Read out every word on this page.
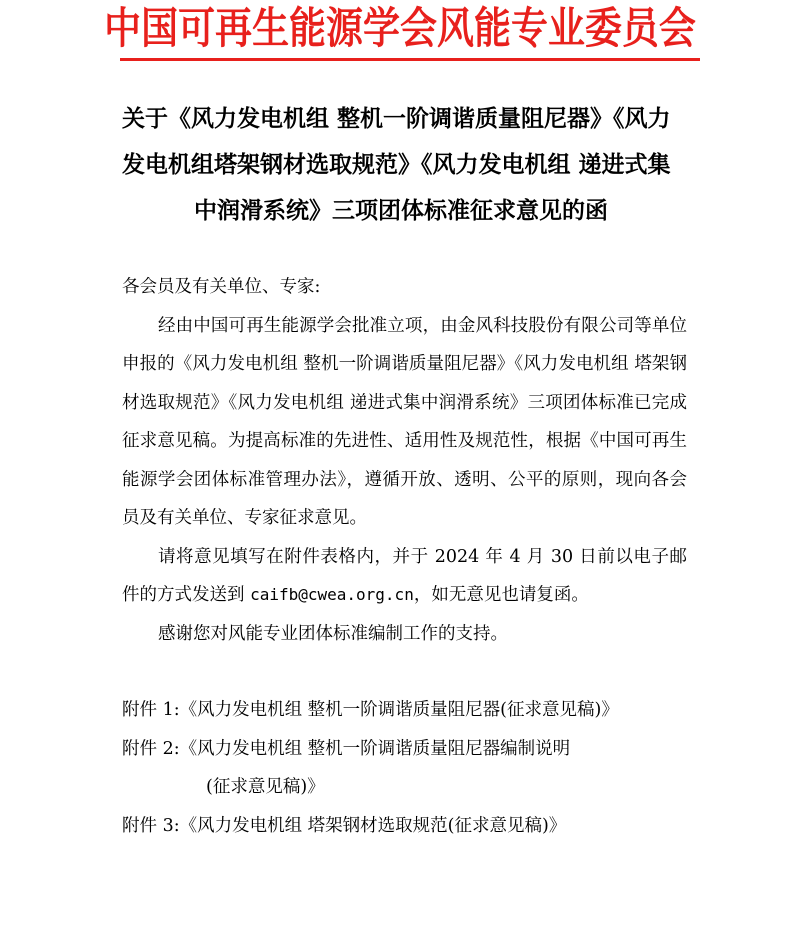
中国可再生能源学会风能专业委员会
关于《风力发电机组 整机一阶调谐质量阻尼器》《风力
发电机组塔架钢材选取规范》《风力发电机组 递进式集
中润滑系统》三项团体标准征求意见的函

各会员及有关单位、专家:

经由中国可再生能源学会批准立项，由金风科技股份有限公司等单位申报的《风力发电机组 整机一阶调谐质量阻尼器》《风力发电机组 塔架钢材选取规范》《风力发电机组 递进式集中润滑系统》三项团体标准已完成征求意见稿。为提高标准的先进性、适用性及规范性，根据《中国可再生能源学会团体标准管理办法》，遵循开放、透明、公平的原则，现向各会员及有关单位、专家征求意见。

请将意见填写在附件表格内，并于 2024 年 4 月 30 日前以电子邮件的方式发送到 caifb@cwea.org.cn，如无意见也请复函。

感谢您对风能专业团体标准编制工作的支持。

附件 1:《风力发电机组 整机一阶调谐质量阻尼器(征求意见稿)》

附件 2:《风力发电机组 整机一阶调谐质量阻尼器编制说明

(征求意见稿)》

附件 3:《风力发电机组 塔架钢材选取规范(征求意见稿)》
